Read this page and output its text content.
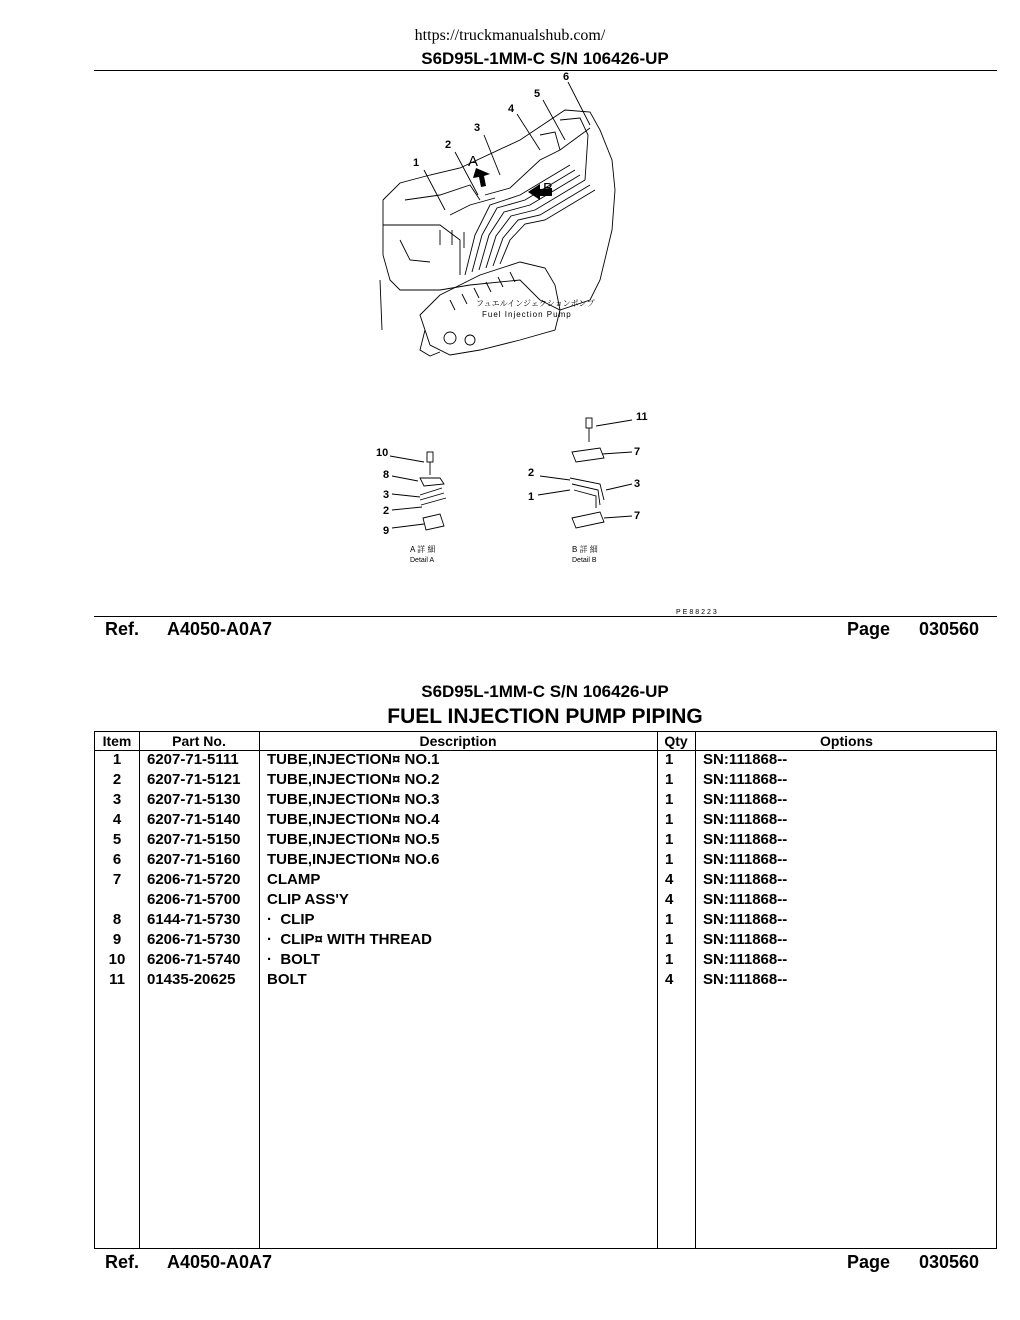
https://truckmanualshub.com/
S6D95L-1MM-C S/N 106426-UP
A
B
1
2
3
4
5
6
フュエルインジェクションポンプ
Fuel Injection Pump
10
8
3
2
9
A 詳 細
Detail A
11
7
2
3
1
7
B 詳 細
Detail B
PE88223
Ref. A4050-A0A7	Page 030560
S6D95L-1MM-C S/N 106426-UP
FUEL INJECTION PUMP PIPING
Item	Part No.	Description	Qty	Options
1	6207-71-5111 TUBE,INJECTION¤ NO.1	1 SN:111868--
2	6207-71-5121 TUBE,INJECTION¤ NO.2	1 SN:111868--
3	6207-71-5130 TUBE,INJECTION¤ NO.3	1 SN:111868--
4	6207-71-5140 TUBE,INJECTION¤ NO.4	1 SN:111868--
5	6207-71-5150 TUBE,INJECTION¤ NO.5	1 SN:111868--
6	6207-71-5160 TUBE,INJECTION¤ NO.6	1 SN:111868--
7	6206-71-5720 CLAMP	4 SN:111868--
6206-71-5700 CLIP ASS'Y	4 SN:111868--
8	6144-71-5730 ·  CLIP	1 SN:111868--
9	6206-71-5730 ·  CLIP¤ WITH THREAD	1 SN:111868--
10	6206-71-5740 ·  BOLT	1 SN:111868--
11	01435-20625 BOLT	4 SN:111868--
Ref. A4050-A0A7	Page 030560
